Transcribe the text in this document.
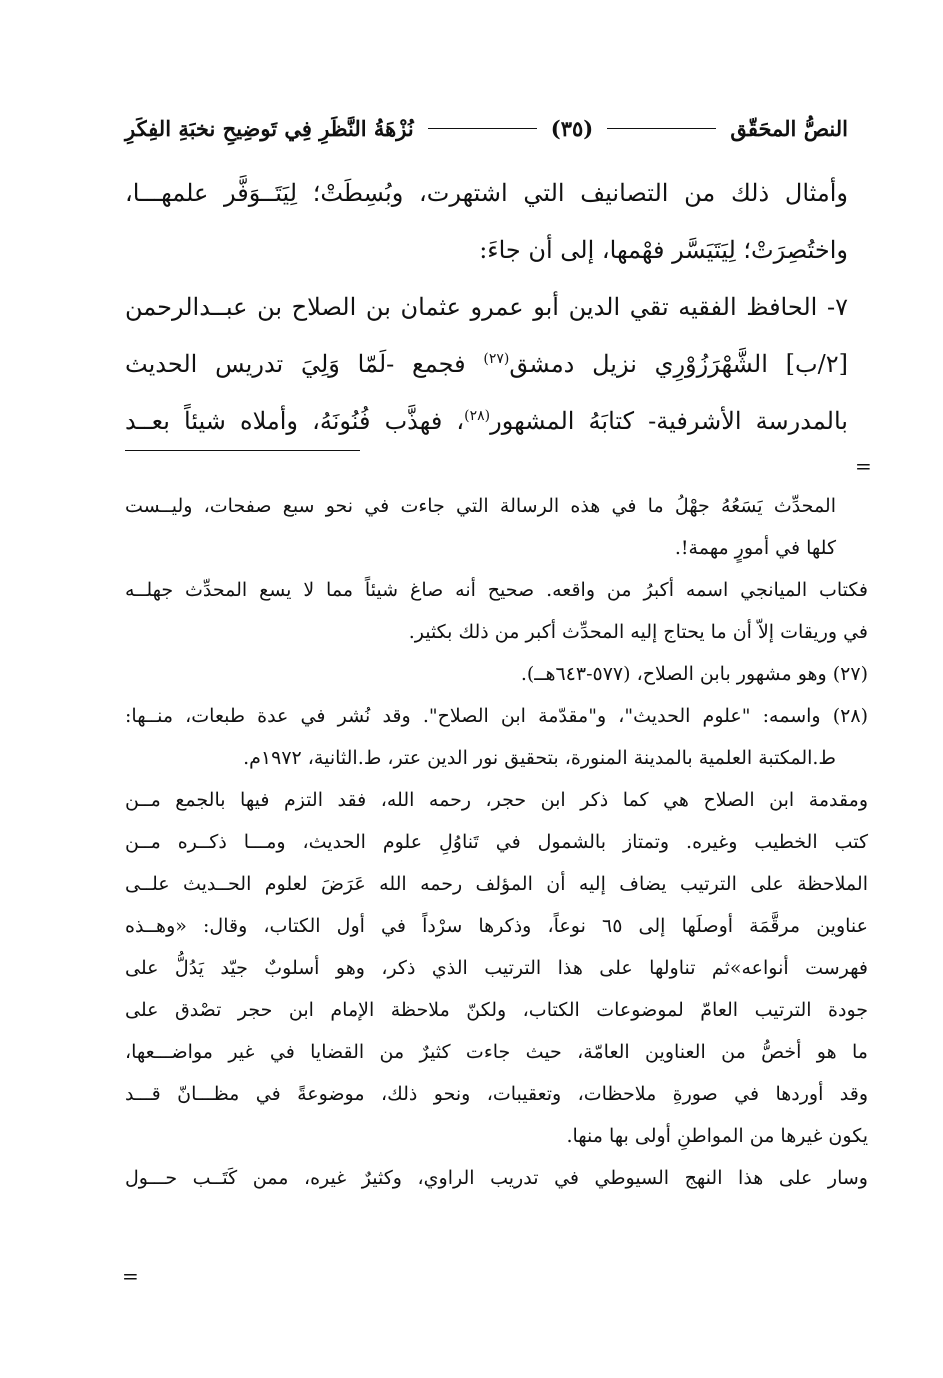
النصُّ المحَقّق
(٣٥)
نُزْهَةُ النَّظَرِ فِي تَوضِيحِ نخبَةِ الفِكَرِ

وأمثال ذلك من التصانيف التي اشتهرت، وبُسِطَتْ؛ لِيَتَــوَفَّر علمهـــا،

واختُصِرَتْ؛ لِيَتَيَسَّر فهْمها، إلى أن جاءَ:

٧- الحافظ الفقيه تقي الدين أبو عمرو عثمان بن الصلاح بن عبــدالرحمن

[٢/ب] الشَّهْرَزُوْرِي نزيل دمشق$^{(٢٧)}$ فجمع -لَمّا وَلِيَ تدريس الحديث

بالمدرسة الأشرفية- كتابَهُ المشهور$^{(٢٨)}$، فهذَّب فُنُونَهُ، وأملاه شيئاً بعــد

=

المحدِّث يَسَعُهُ جهْلُ ما في هذه الرسالة التي جاءت في نحو سبع صفحات، وليــست

كلها في أمورٍ مهمة!.

فكتاب الميانجي اسمه أكبرُ من واقعه. صحيح أنه صاغ شيئاً مما لا يسع المحدِّث جهلــه

في وريقات إلاّ أن ما يحتاج إليه المحدِّث أكبر من ذلك بكثير.

(٢٧) وهو مشهور بابن الصلاح، (٥٧٧-٦٤٣هــ).

(٢٨) واسمه: "علوم الحديث"، و"مقدّمة ابن الصلاح". وقد نُشر في عدة طبعات، منــها:

ط.المكتبة العلمية بالمدينة المنورة، بتحقيق نور الدين عتر، ط.الثانية، ١٩٧٢م.

ومقدمة ابن الصلاح هي كما ذكر ابن حجر، رحمه الله، فقد التزم فيها بالجمع مــن

كتب الخطيب وغيره. وتمتاز بالشمول في تَناوُلِ علوم الحديث، ومـــا ذكــره مــن

الملاحظة على الترتيب يضاف إليه أن المؤلف رحمه الله عَرَضَ لعلوم الحــديث علــى

عناوين مرقَّمَة أوصلَها إلى ٦٥ نوعاً، وذكرها سرْداً في أول الكتاب، وقال: «وهــذه

فهرست أنواعه»ثم تناولها على هذا الترتيب الذي ذكر، وهو أسلوبٌ جيّد يَدُلُّ على

جودة الترتيب العامّ لموضوعات الكتاب، ولكنّ ملاحظة الإمام ابن حجر تصْدق على

ما هو أخصُّ من العناوين العامّة، حيث جاءت كثيرٌ من القضايا في غير مواضـــعها،

وقد أوردها في صورةِ ملاحظات، وتعقيبات، ونحو ذلك، موضوعةً في مظـــانّ قـــد

يكون غيرها من المواطنِ أولى بها منها.

وسار على هذا النهج السيوطي في تدريب الراوي، وكثيرٌ غيره، ممن كَتَــب حـــول

=
